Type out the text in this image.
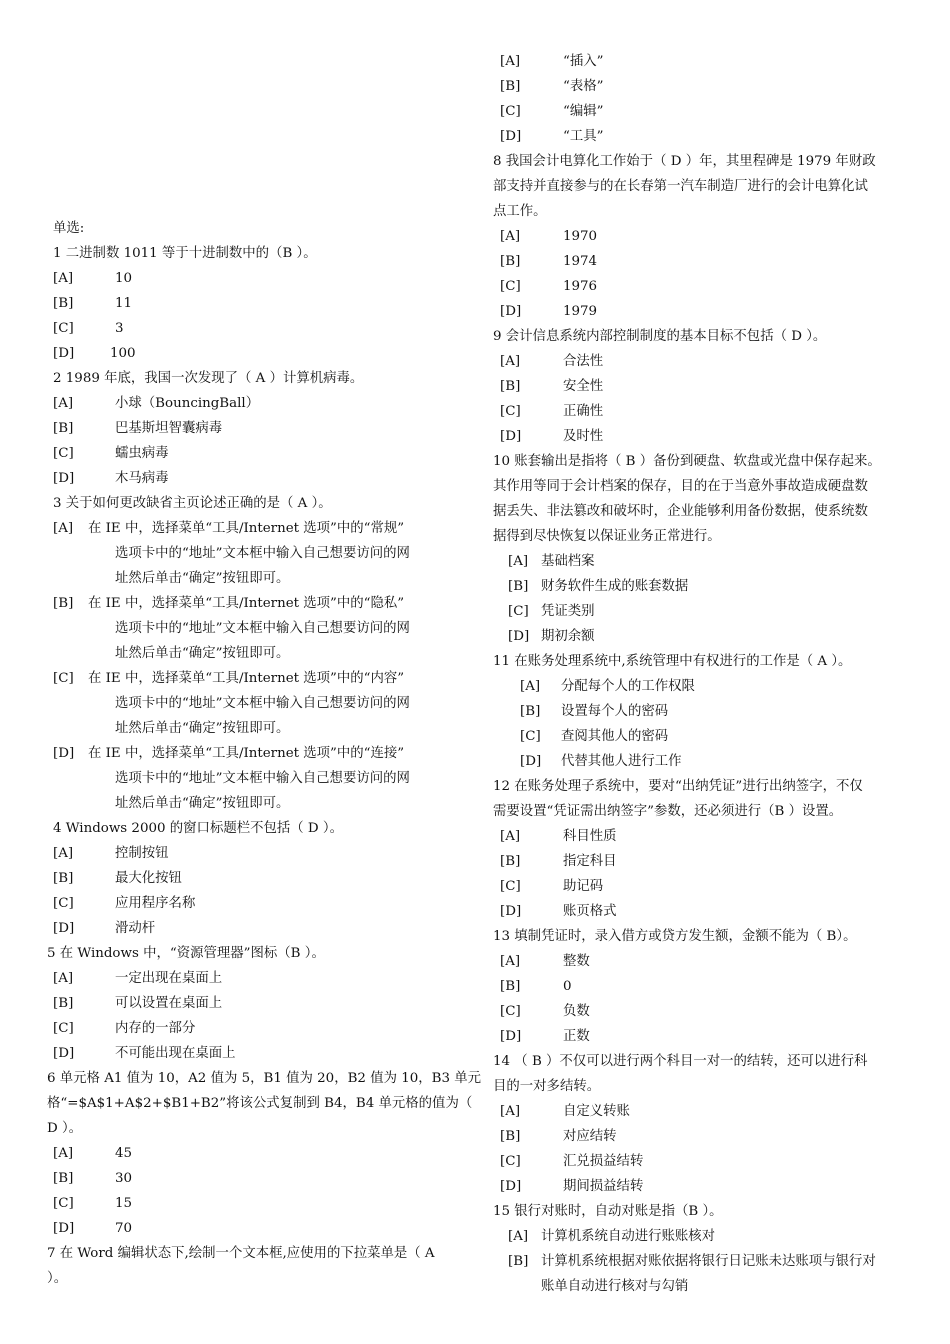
单选:
1 二进制数 1011 等于十进制数中的（B ）。
[A]	10
[B]	11
[C]	3
[D]	100
2 1989 年底，我国一次发现了（ A ）计算机病毒。
[A]	小球（BouncingBall）
[B]	巴基斯坦智囊病毒
[C]	蠕虫病毒
[D]	木马病毒
3 关于如何更改缺省主页论述正确的是（ A ）。
[A] 在 IE 中，选择菜单“工具/Internet 选项”中的“常规”
选项卡中的“地址”文本框中输入自己想要访问的网
址然后单击“确定”按钮即可。
[B] 在 IE 中，选择菜单“工具/Internet 选项”中的“隐私”
选项卡中的“地址”文本框中输入自己想要访问的网
址然后单击“确定”按钮即可。
[C] 在 IE 中，选择菜单“工具/Internet 选项”中的“内容”
选项卡中的“地址”文本框中输入自己想要访问的网
址然后单击“确定”按钮即可。
[D] 在 IE 中，选择菜单“工具/Internet 选项”中的“连接”
选项卡中的“地址”文本框中输入自己想要访问的网
址然后单击“确定”按钮即可。
4 Windows 2000 的窗口标题栏不包括（ D ）。
[A]	控制按钮
[B]	最大化按钮
[C]	应用程序名称
[D]	滑动杆
5 在 Windows 中，“资源管理器”图标（B ）。
[A]	一定出现在桌面上
[B]	可以设置在桌面上
[C]	内存的一部分
[D]	不可能出现在桌面上
6 单元格 A1 值为 10，A2 值为 5，B1 值为 20，B2 值为 10，B3 单元
格“=$A$1+A$2+$B1+B2”将该公式复制到 B4，B4 单元格的值为（
D ）。
[A]	45
[B]	30
[C]	15
[D]	70
7 在 Word 编辑状态下,绘制一个文本框,应使用的下拉菜单是（ A
）。
[A]	“插入”
[B]	“表格”
[C]	“编辑”
[D]	“工具”
8 我国会计电算化工作始于（ D ）年，其里程碑是 1979 年财政
部支持并直接参与的在长春第一汽车制造厂进行的会计电算化试
点工作。
[A]	1970
[B]	1974
[C]	1976
[D]	1979
9 会计信息系统内部控制制度的基本目标不包括（ D ）。
[A]	合法性
[B]	安全性
[C]	正确性
[D]	及时性
10 账套输出是指将（ B ）备份到硬盘、软盘或光盘中保存起来。
其作用等同于会计档案的保存，目的在于当意外事故造成硬盘数
据丢失、非法篡改和破坏时，企业能够利用备份数据，使系统数
据得到尽快恢复以保证业务正常进行。
[A] 基础档案
[B] 财务软件生成的账套数据
[C] 凭证类别
[D] 期初余额
11 在账务处理系统中,系统管理中有权进行的工作是（ A ）。
[A] 分配每个人的工作权限
[B] 设置每个人的密码
[C] 查阅其他人的密码
[D] 代替其他人进行工作
12 在账务处理子系统中，要对“出纳凭证”进行出纳签字，不仅
需要设置“凭证需出纳签字”参数，还必须进行（B ）设置。
[A]	科目性质
[B]	指定科目
[C]	助记码
[D]	账页格式
13 填制凭证时，录入借方或贷方发生额，金额不能为（ B）。
[A]	整数
[B]	0
[C]	负数
[D]	正数
14 （ B ）不仅可以进行两个科目一对一的结转，还可以进行科
目的一对多结转。
[A]	自定义转账
[B]	对应结转
[C]	汇兑损益结转
[D]	期间损益结转
15 银行对账时，自动对账是指（B ）。
[A] 计算机系统自动进行账账核对
[B] 计算机系统根据对账依据将银行日记账未达账项与银行对
账单自动进行核对与勾销
